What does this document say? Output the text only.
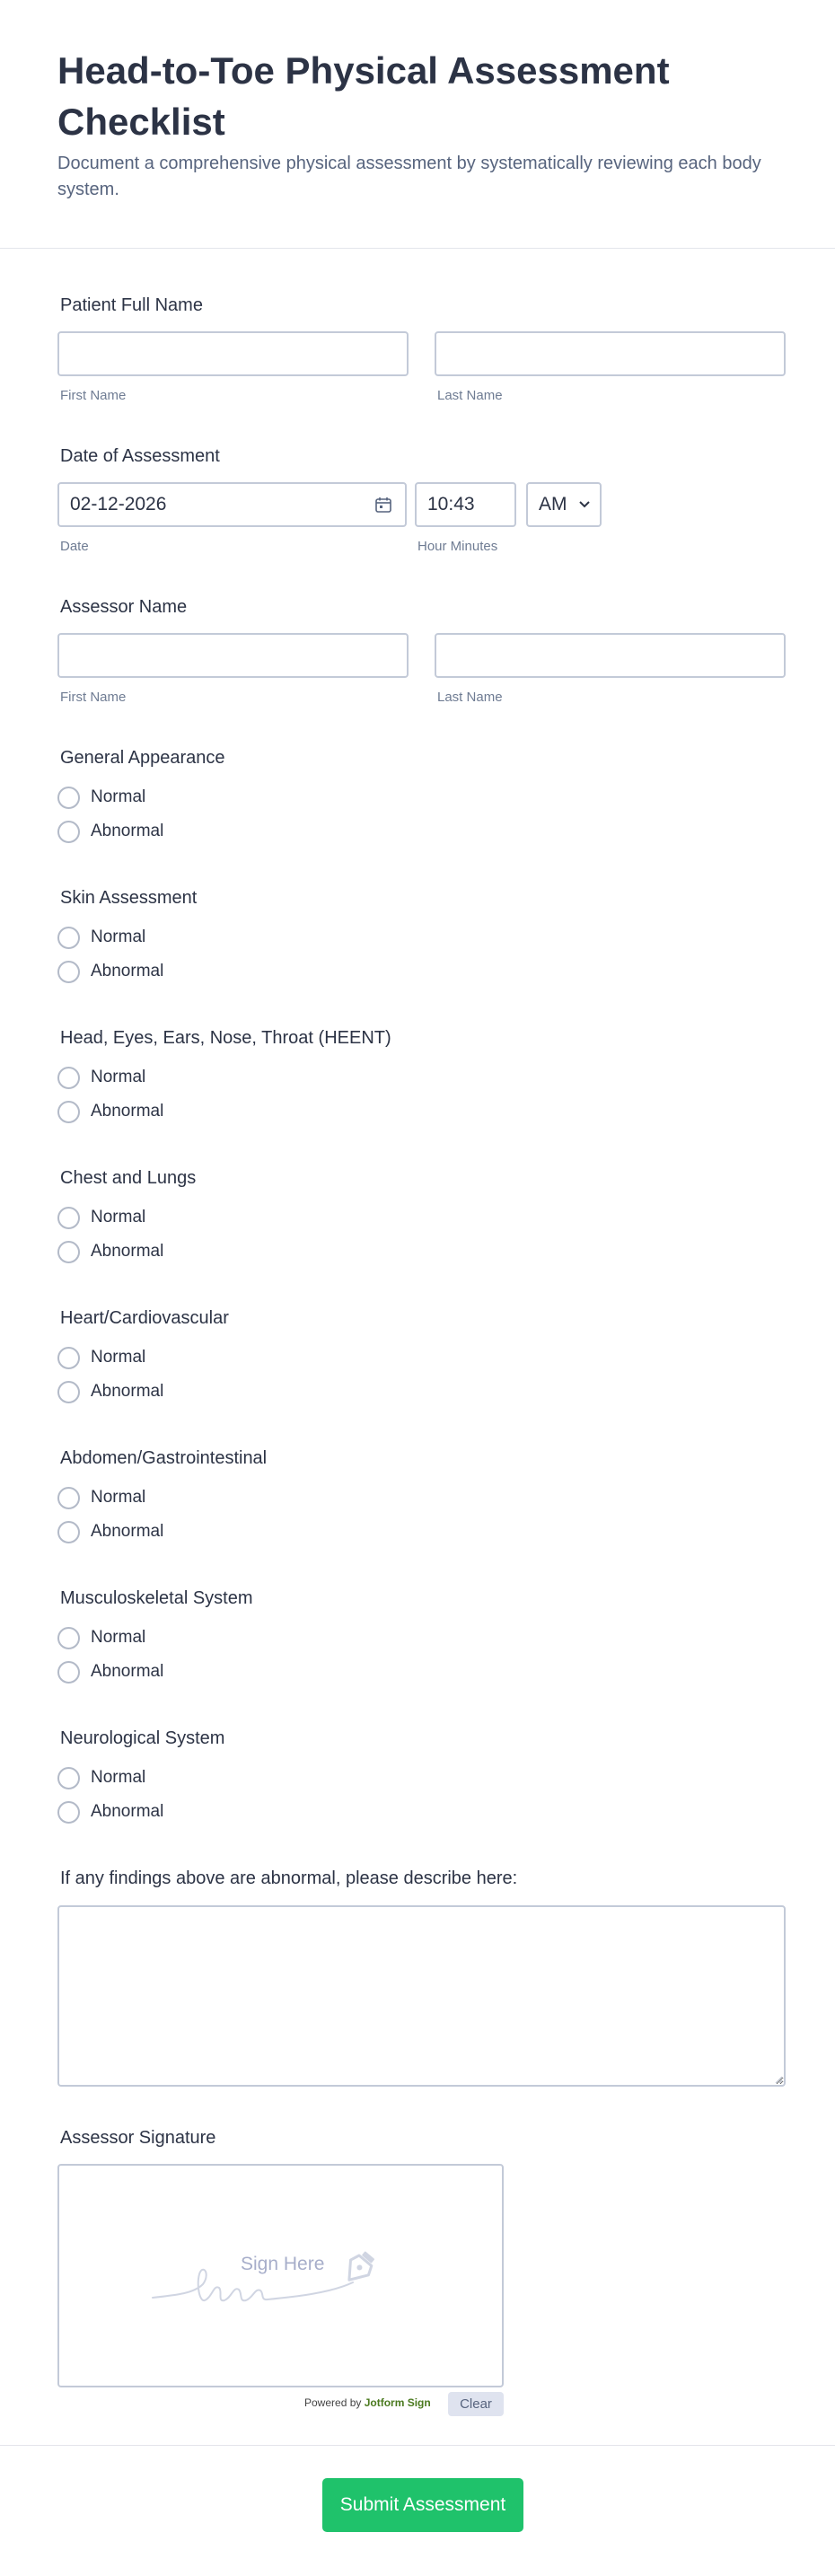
Head-to-Toe Physical Assessment Checklist

Document a comprehensive physical assessment by systematically reviewing each body system.

Patient Full Name
First Name	Last Name
Date of Assessment
02-12-2026	10:43	AM
Date	Hour Minutes
Assessor Name
First Name	Last Name
General Appearance
Normal
Abnormal
Skin Assessment
Normal
Abnormal
Head, Eyes, Ears, Nose, Throat (HEENT)
Normal
Abnormal
Chest and Lungs
Normal
Abnormal
Heart/Cardiovascular
Normal
Abnormal
Abdomen/Gastrointestinal
Normal
Abnormal
Musculoskeletal System
Normal
Abnormal
Neurological System
Normal
Abnormal
If any findings above are abnormal, please describe here:
Assessor Signature
Sign Here
Powered by Jotform Sign	Clear
Submit Assessment
